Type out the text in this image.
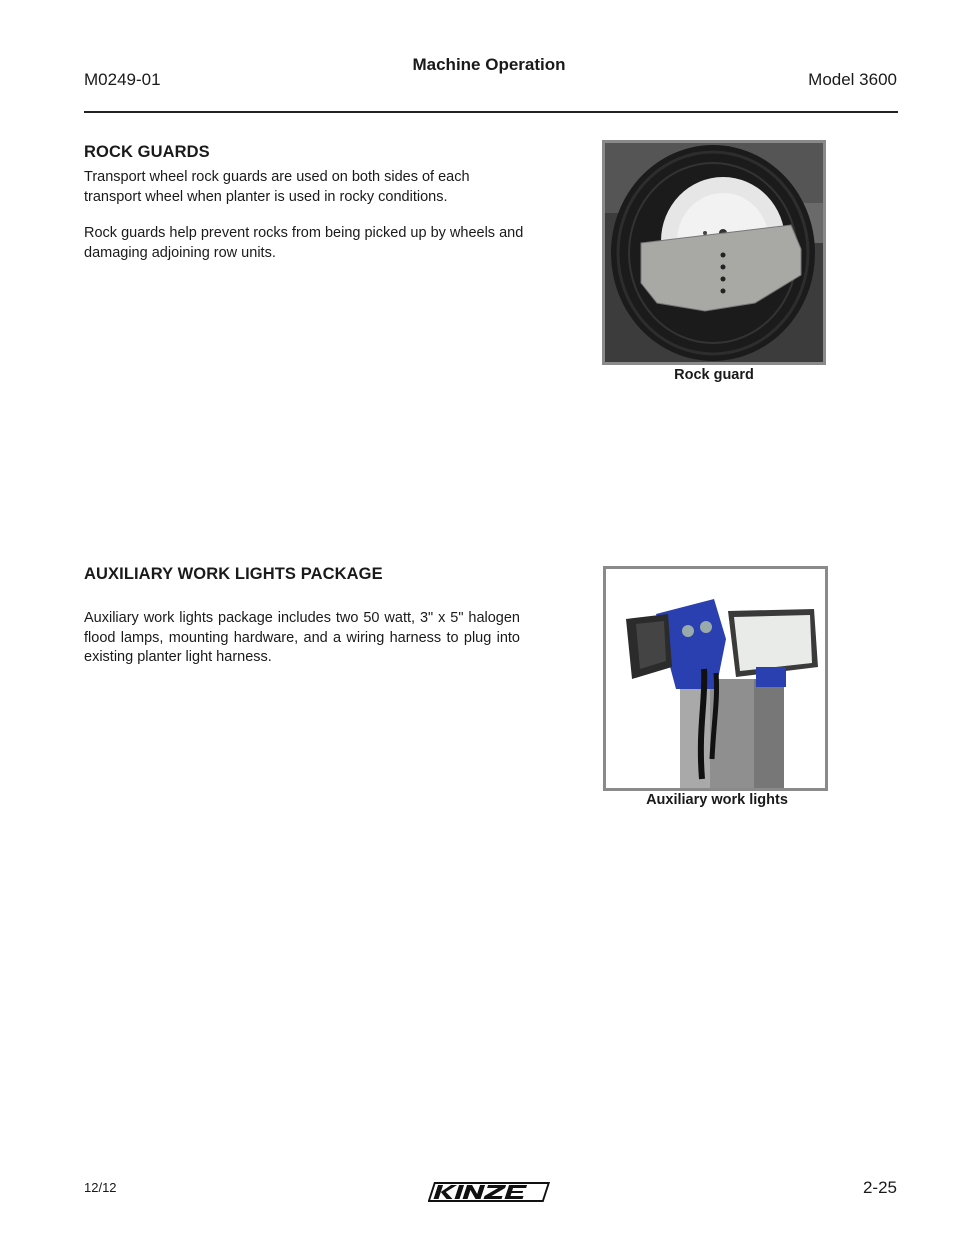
M0249-01
Machine Operation
Model 3600
ROCK GUARDS
Transport wheel rock guards are used on both sides of each transport wheel when planter is used in rocky conditions.
Rock guards help prevent rocks from being picked up by wheels and damaging adjoining row units.
Rock guard
AUXILIARY WORK LIGHTS PACKAGE
Auxiliary work lights package includes two 50 watt, 3" x 5" halogen flood lamps, mounting hardware, and a wiring harness to plug into existing planter light harness.
Auxiliary work lights
12/12	2-25
